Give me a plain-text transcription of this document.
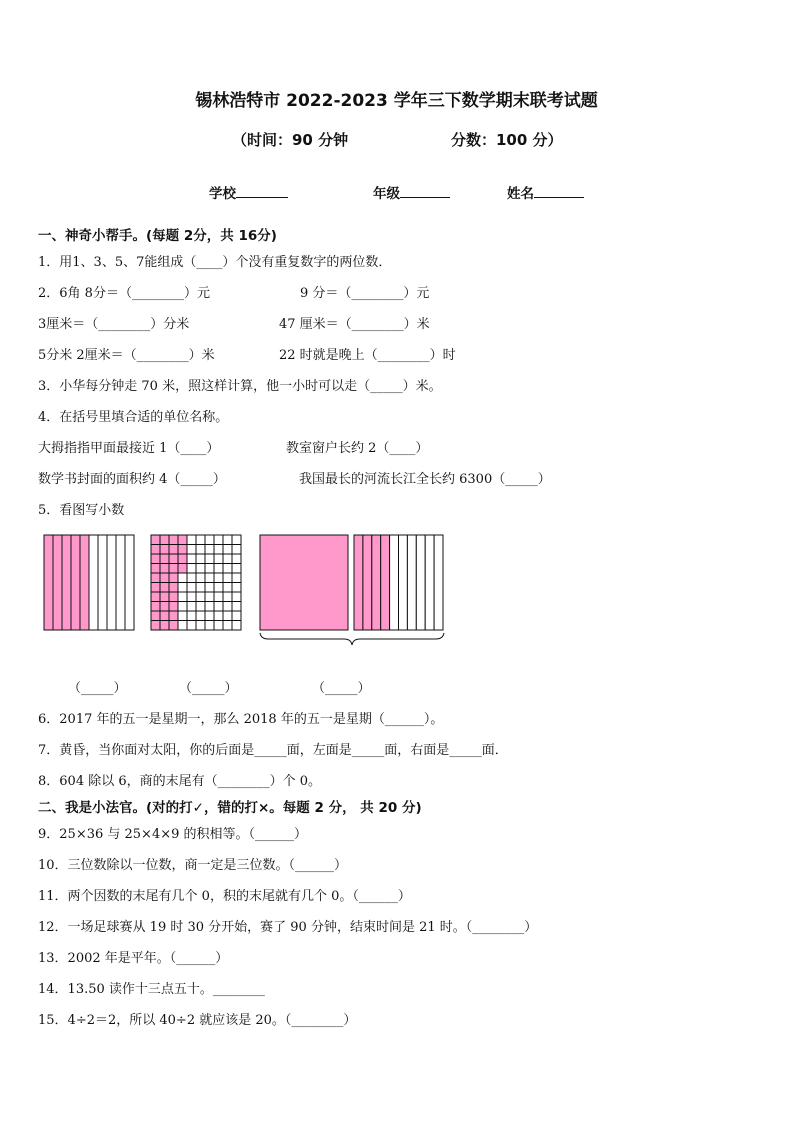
锡林浩特市 2022-2023 学年三下数学期末联考试题
（时间：90 分钟	分数：100 分）
学校	年级	姓名
一、神奇小帮手。(每题 2分，共 16分)
1．用1、3、5、7能组成（____）个没有重复数字的两位数．
2．6角 8分＝（________）元	9 分＝（________）元
3厘米＝（________）分米	47 厘米＝（________）米
5分米 2厘米＝（________）米	22 时就是晚上（________）时
3．小华每分钟走 70 米，照这样计算，他一小时可以走（_____）米。
4．在括号里填合适的单位名称。
大拇指指甲面最接近 1（____）	教室窗户长约 2（____）
数学书封面的面积约 4（_____）	我国最长的河流长江全长约 6300（_____）
5．看图写小数
（_____）	（_____）	（_____）
6．2017 年的五一是星期一，那么 2018 年的五一是星期（______）。
7．黄昏，当你面对太阳，你的后面是_____面，左面是_____面，右面是_____面．
8．604 除以 6，商的末尾有（________）个 0。
二、我是小法官。(对的打✓，错的打×。每题 2 分， 共 20 分)
9．25×36 与 25×4×9 的积相等。（______）
10．三位数除以一位数，商一定是三位数。（______）
11．两个因数的末尾有几个 0，积的末尾就有几个 0。（______）
12．一场足球赛从 19 时 30 分开始，赛了 90 分钟，结束时间是 21 时。（________）
13．2002 年是平年。（______）
14．13.50 读作十三点五十。________
15．4÷2＝2，所以 40÷2 就应该是 20。（________）
